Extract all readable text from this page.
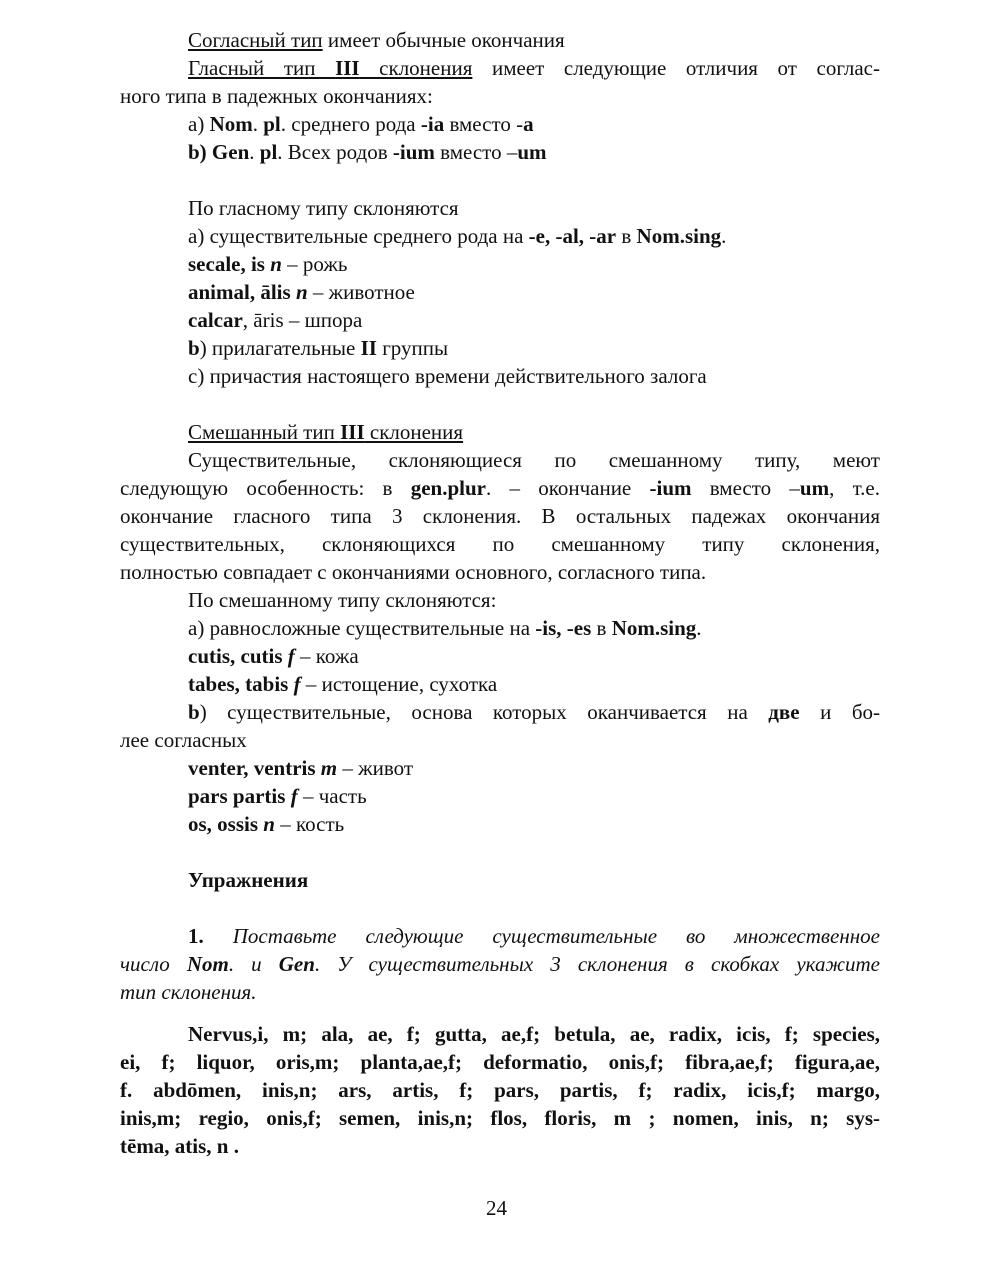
Согласный тип имеет обычные окончания
Гласный тип III склонения имеет следующие отличия от соглас-
ного типа в падежных окончаниях:
а) Nom. pl. среднего рода -ia вместо -а
b) Gen. pl. Всех родов -ium вместо –um
По гласному типу склоняются
а) существительные среднего рода на -е, -al, -ar в Nom.sing.
secale, is n – рожь
animal, ālis n – животное
calcar, āris – шпора
b) прилагательные II группы
с) причастия настоящего времени действительного залога
Смешанный тип III склонения
Существительные, склоняющиеся по смешанному типу, меют
следующую особенность: в gen.plur. – окончание -ium вместо –um, т.е.
окончание гласного типа 3 склонения. В остальных падежах окончания
существительных, склоняющихся по смешанному типу склонения,
полностью совпадает с окончаниями основного, согласного типа.
По смешанному типу склоняются:
а) равносложные существительные на -is, -es в Nom.sing.
cutis, cutis f – кожа
tabes, tabis f – истощение, сухотка
b) существительные, основа которых оканчивается на две и бо-
лее согласных
venter, ventris m – живот
pars partis f – часть
os, ossis n – кость
Упражнения
1. Поставьте следующие существительные во множественное
число Nom. и Gen. У существительных 3 склонения в скобках укажите
тип склонения.
Nervus,i, m; ala, ae, f; gutta, ae,f; betula, ae, radix, icis, f; species,
ei, f; liquor, oris,m; planta,ae,f; deformatio, onis,f; fibra,ae,f; figura,ae,
f. abdōmen, inis,n; ars, artis, f; pars, partis, f; radix, icis,f; margo,
inis,m; regio, onis,f; semen, inis,n; flos, floris, m ; nomen, inis, n; sys-
tēma, atis, n .
24
